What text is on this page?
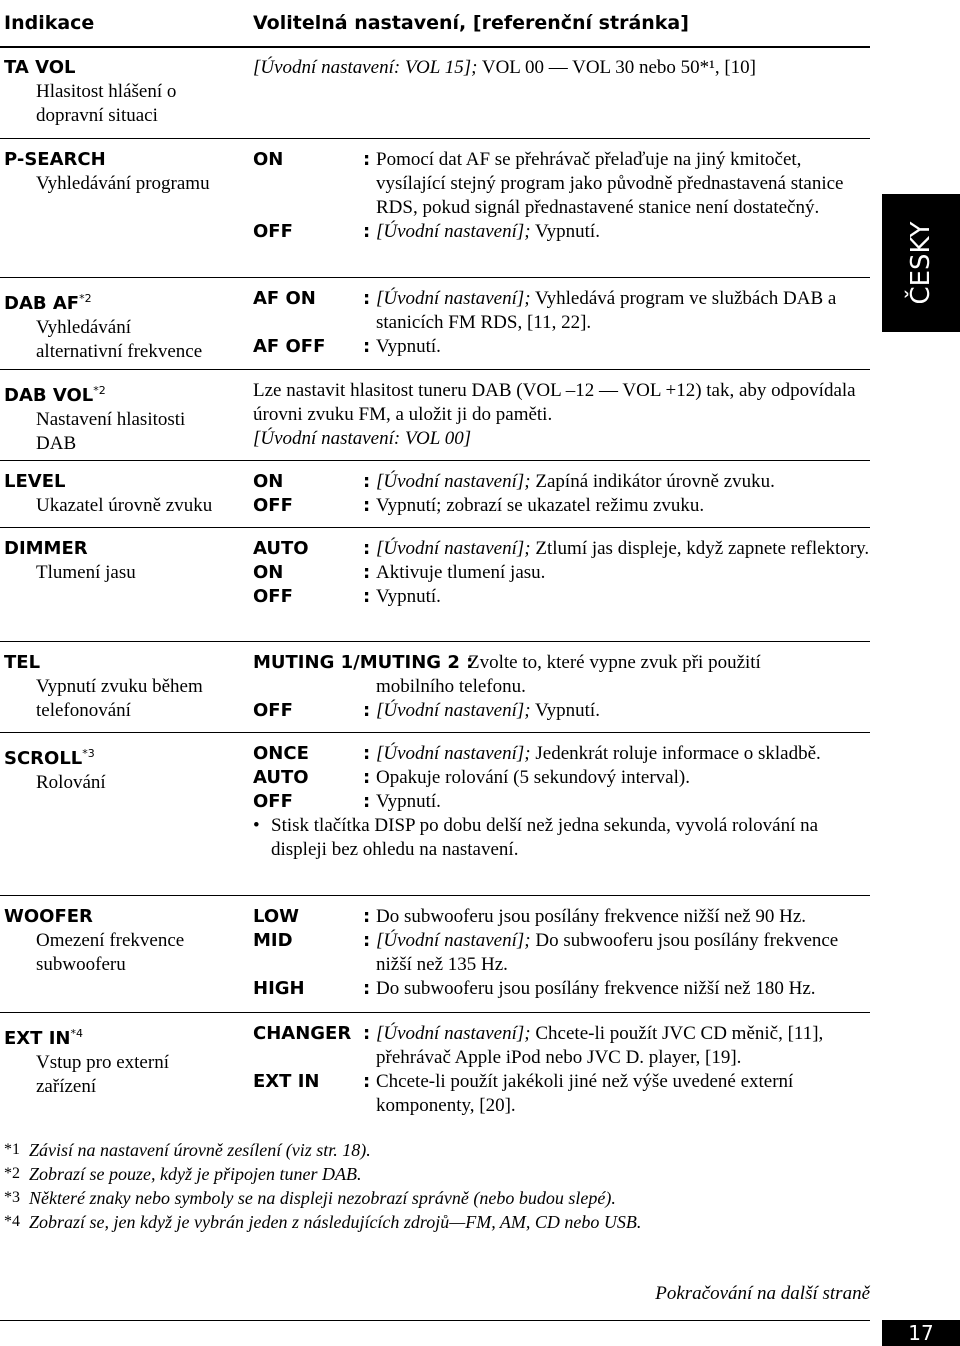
Indikace	Volitelná nastavení, [referenční stránka]
ČESKY
TA VOL
Hlasitost hlášení o
dopravní situaci
[Úvodní nastavení: VOL 15]; VOL 00 — VOL 30 nebo 50*¹, [10]
P-SEARCH
Vyhledávání programu
ON	: Pomocí dat AF se přehrávač přelaďuje na jiný kmitočet, vysílající stejný program jako původně přednastavená stanice RDS, pokud signál přednastavené stanice není dostatečný.
OFF	: [Úvodní nastavení]; Vypnutí.
DAB AF$^{*2}$
Vyhledávání
alternativní frekvence
AF ON	: [Úvodní nastavení]; Vyhledává program ve službách DAB a stanicích FM RDS, [11, 22].
AF OFF : Vypnutí.
DAB VOL$^{*2}$
Nastavení hlasitosti
DAB
Lze nastavit hlasitost tuneru DAB (VOL –12 — VOL +12) tak, aby odpovídala úrovni zvuku FM, a uložit ji do paměti.
[Úvodní nastavení: VOL 00]
LEVEL
Ukazatel úrovně zvuku
ON	: [Úvodní nastavení]; Zapíná indikátor úrovně zvuku.
OFF	: Vypnutí; zobrazí se ukazatel režimu zvuku.
DIMMER
Tlumení jasu
AUTO	: [Úvodní nastavení]; Ztlumí jas displeje, když zapnete reflektory.
ON	: Aktivuje tlumení jasu.
OFF	: Vypnutí.
TEL
Vypnutí zvuku během
telefonování
MUTING 1/MUTING 2 :
Zvolte to, které vypne zvuk při použití
mobilního telefonu.
OFF	: [Úvodní nastavení]; Vypnutí.
SCROLL$^{*3}$
Rolování
ONCE	: [Úvodní nastavení]; Jedenkrát roluje informace o skladbě.
AUTO	: Opakuje rolování (5 sekundový interval).
OFF	: Vypnutí.
• Stisk tlačítka DISP po dobu delší než jedna sekunda, vyvolá rolování na displeji bez ohledu na nastavení.
WOOFER
Omezení frekvence
subwooferu
LOW	: Do subwooferu jsou posílány frekvence nižší než 90 Hz.
MID	: [Úvodní nastavení]; Do subwooferu jsou posílány frekvence nižší než 135 Hz.
HIGH	: Do subwooferu jsou posílány frekvence nižší než 180 Hz.
EXT IN$^{*4}$
Vstup pro externí
zařízení
CHANGER : [Úvodní nastavení]; Chcete-li použít JVC CD měnič, [11], přehrávač Apple iPod nebo JVC D. player, [19].
EXT IN : Chcete-li použít jakékoli jiné než výše uvedené externí komponenty, [20].
*1 Závisí na nastavení úrovně zesílení (viz str. 18).
*2 Zobrazí se pouze, když je připojen tuner DAB.
*3 Některé znaky nebo symboly se na displeji nezobrazí správně (nebo budou slepé).
*4 Zobrazí se, jen když je vybrán jeden z následujících zdrojů—FM, AM, CD nebo USB.
Pokračování na další straně
17
